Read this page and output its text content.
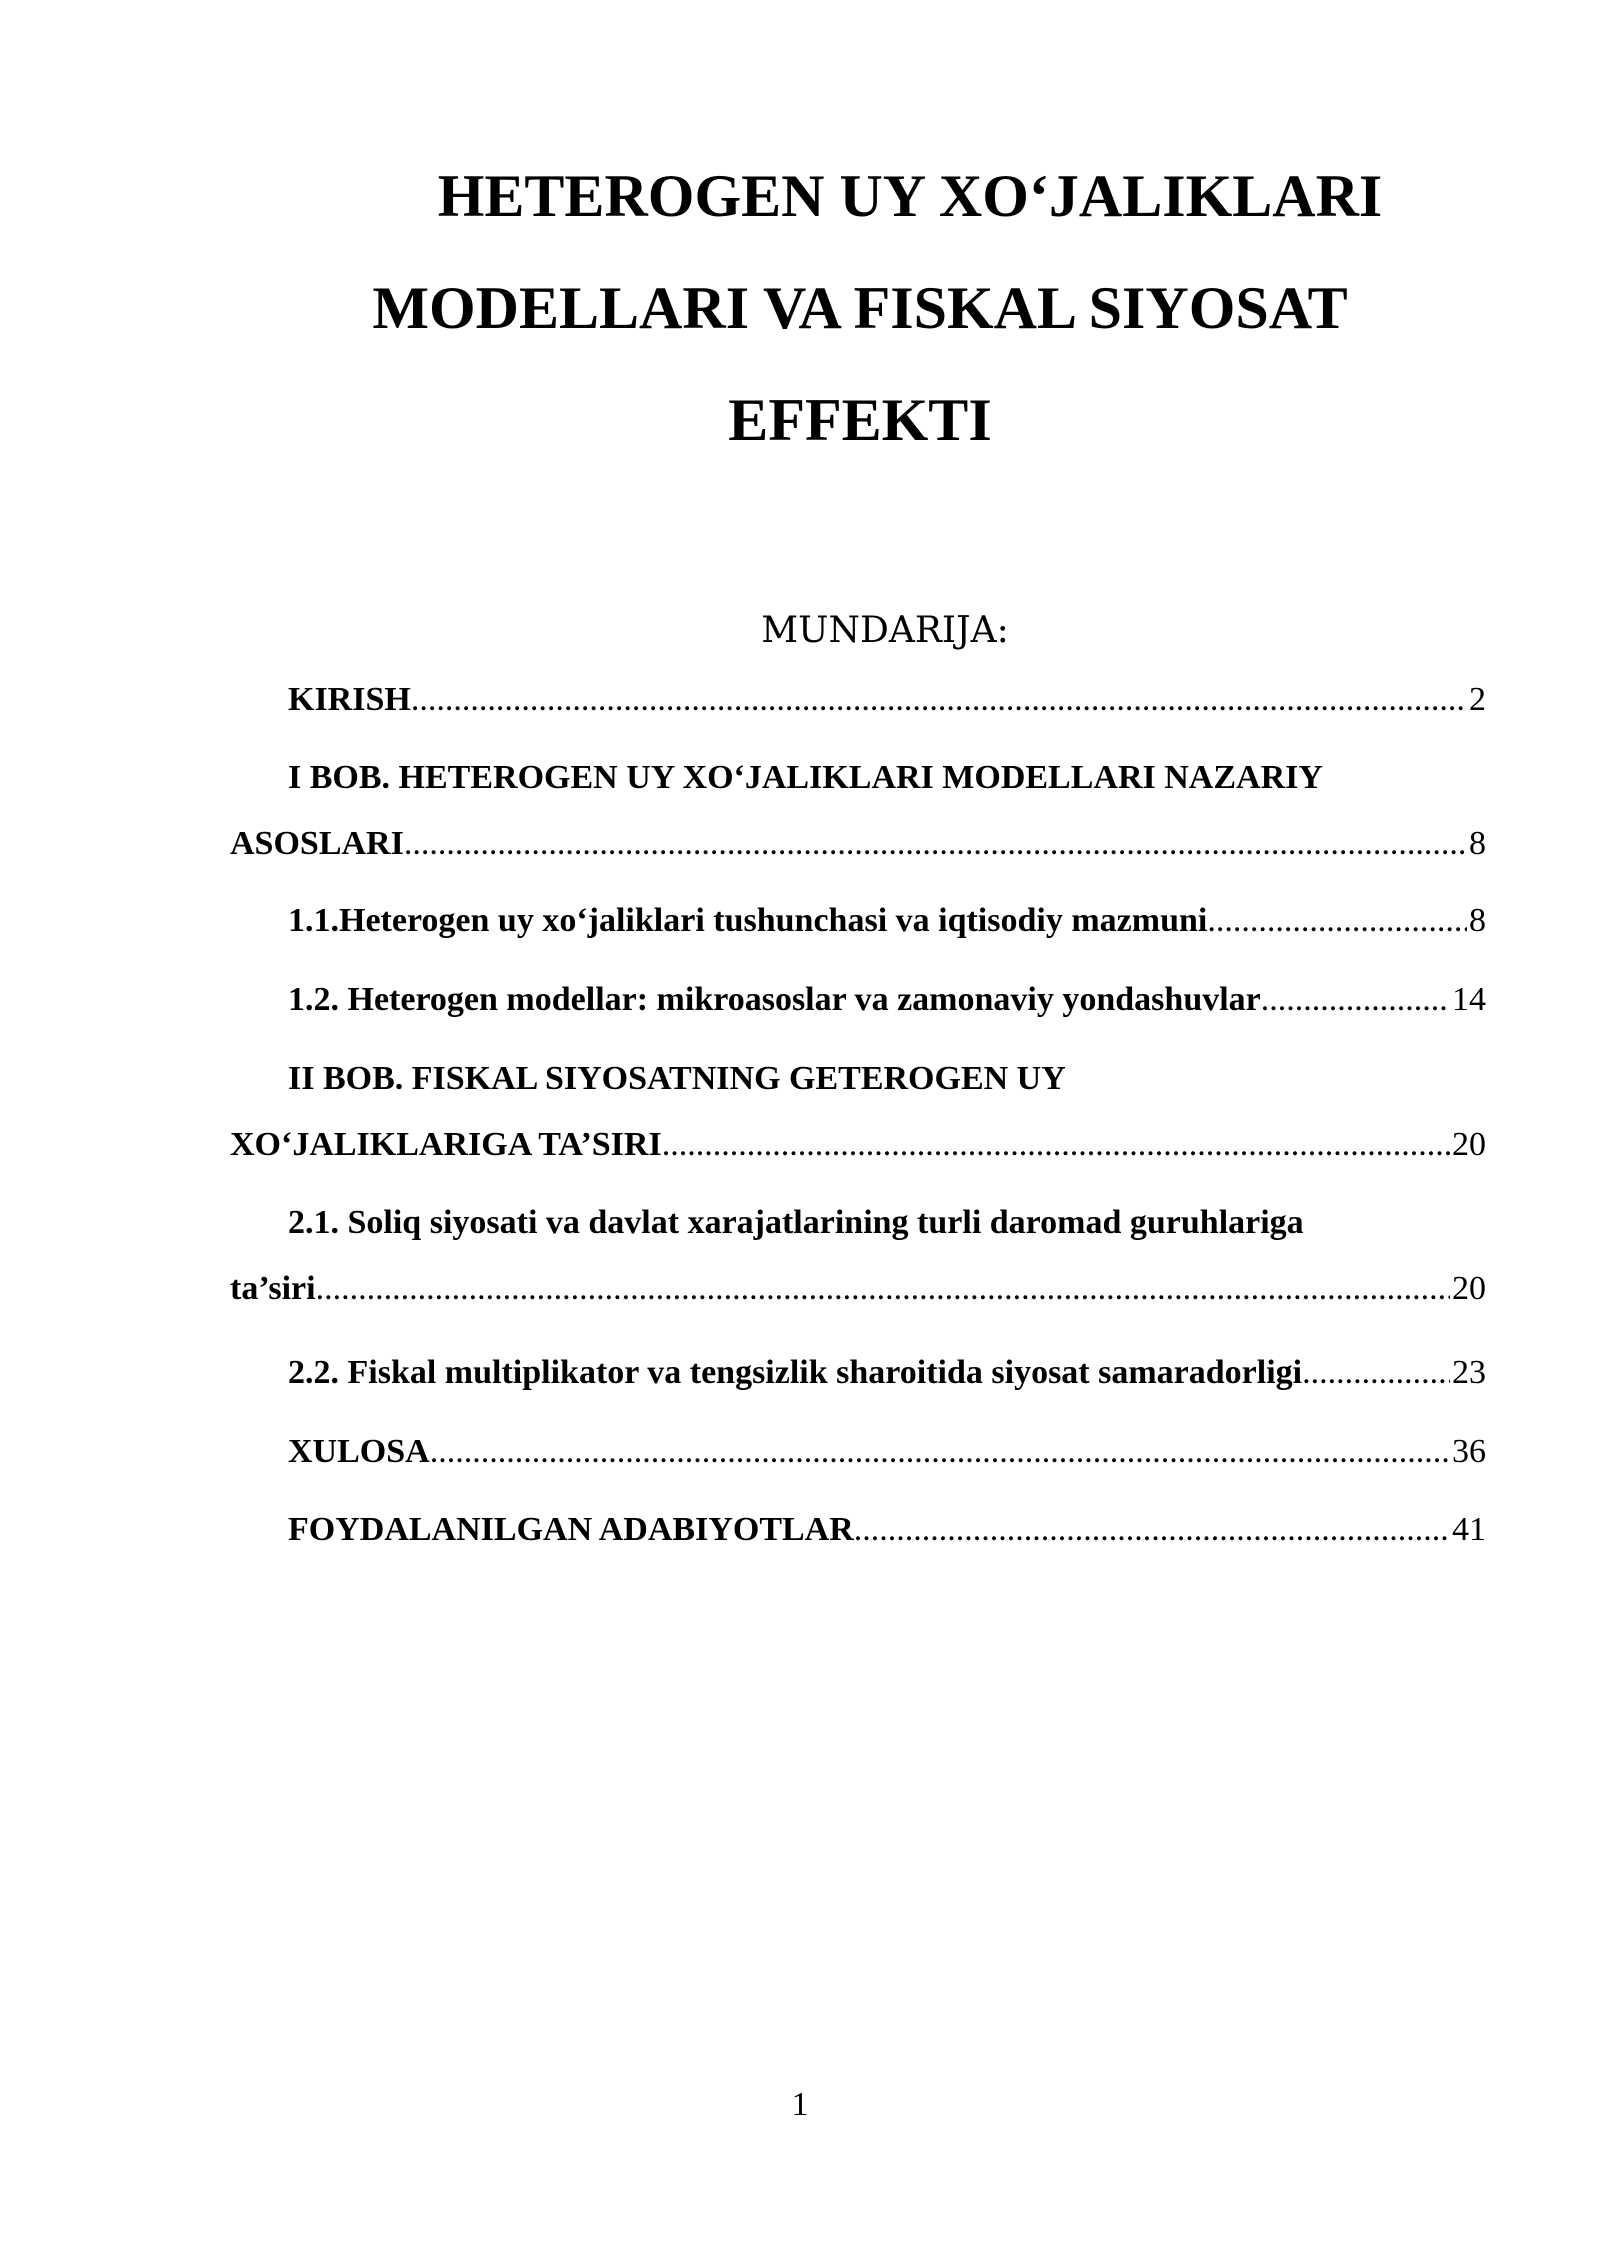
HETEROGEN UY XO‘JALIKLARI
MODELLARI VA FISKAL SIYOSAT
EFFEKTI

MUNDARIJA:

KIRISH .....	2
I BOB. HETEROGEN UY XO‘JALIKLARI MODELLARI NAZARIY
ASOSLARI .....	8
1.1.Heterogen uy xo‘jaliklari tushunchasi va iqtisodiy mazmuni .....	8
1.2. Heterogen modellar: mikroasoslar va zamonaviy yondashuvlar .....	14
II BOB. FISKAL SIYOSATNING GETEROGEN UY
XO‘JALIKLARIGA TA’SIRI .....	20
2.1. Soliq siyosati va davlat xarajatlarining turli daromad guruhlariga
ta’siri .....	20
2.2. Fiskal multiplikator va tengsizlik sharoitida siyosat samaradorligi .....	23
XULOSA .....	36
FOYDALANILGAN ADABIYOTLAR .....	41
1
